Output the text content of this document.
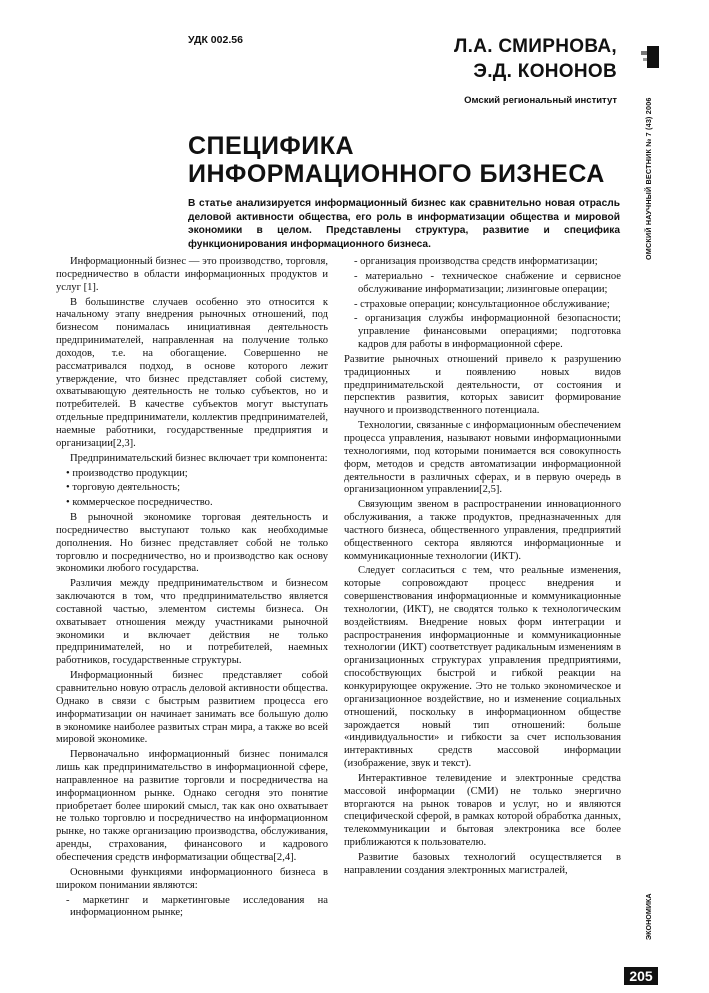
УДК 002.56	Л.А. СМИРНОВА,
Э.Д. КОНОНОВ
Омский региональный институт
СПЕЦИФИКА
ИНФОРМАЦИОННОГО БИЗНЕСА
В статье анализируется информационный бизнес как сравнительно новая отрасль деловой активности общества, его роль в информатизации общества и мировой экономики в целом. Представлены структура, развитие и специфика функционирования информационного бизнеса.

Информационный бизнес — это производство, торговля, посредничество в области информационных продуктов и услуг [1].

В большинстве случаев особенно это относится к начальному этапу внедрения рыночных отношений, под бизнесом понималась инициативная деятельность предпринимателей, направленная на получение только доходов, т.е. на обогащение. Совершенно не рассматривался подход, в основе которого лежит утверждение, что бизнес представляет собой систему, охватывающую деятельность не только субъектов, но и потребителей. В качестве субъектов могут выступать отдельные предприниматели, коллектив предпринимателей, наемные работники, государственные предприятия и организации[2,3].

Предпринимательский бизнес включает три компонента:

• производство продукции;

• торговую деятельность;

• коммерческое посредничество.

В рыночной экономике торговая деятельность и посредничество выступают только как необходимые дополнения. Но бизнес представляет собой не только торговлю и посредничество, но и производство как основу экономики любого государства.

Различия между предпринимательством и бизнесом заключаются в том, что предпринимательство является составной частью, элементом системы бизнеса. Он охватывает отношения между участниками рыночной экономики и включает действия не только предпринимателей, но и потребителей, наемных работников, государственные структуры.

Информационный бизнес представляет собой сравнительно новую отрасль деловой активности общества. Однако в связи с быстрым развитием процесса его информатизации он начинает занимать все большую долю в экономике наиболее развитых стран мира, а также во всей мировой экономике.

Первоначально информационный бизнес понимался лишь как предпринимательство в информационной сфере, направленное на развитие торговли и посредничества на информационном рынке. Однако сегодня это понятие приобретает более широкий смысл, так как оно охватывает не только торговлю и посредничество на информационном рынке, но также организацию производства, обслуживания, аренды, страхования, финансового и кадрового обеспечения средств информатизации общества[2,4].

Основными функциями информационного бизнеса в широком понимании являются:

- маркетинг и маркетинговые исследования на информационном рынке;

- организация производства средств информатизации;

- материально - техническое снабжение и сервисное обслуживание информатизации; лизинговые операции;

- страховые операции; консультационное обслуживание;

- организация службы информационной безопасности; управление финансовыми операциями; подготовка кадров для работы в информационной сфере.

Развитие рыночных отношений привело к разрушению традиционных и появлению новых видов предпринимательской деятельности, от состояния и перспектив развития, которых зависит формирование научного и производственного потенциала.

Технологии, связанные с информационным обеспечением процесса управления, называют новыми информационными технологиями, под которыми понимается вся совокупность форм, методов и средств автоматизации информационной деятельности в различных сферах, и в первую очередь в организационном управлении[2,5].

Связующим звеном в распространении инновационного обслуживания, а также продуктов, предназначенных для частного бизнеса, общественного управления, предприятий общественного сектора являются информационные и коммуникационные технологии (ИКТ).

Следует согласиться с тем, что реальные изменения, которые сопровождают процесс внедрения и совершенствования информационные и коммуникационные технологии, (ИКТ), не сводятся только к технологическим воздействиям. Внедрение новых форм интеграции и распространения информационные и коммуникационные технологии (ИКТ) соответствует радикальным изменениям в организационных структурах управления предприятиями, способствующих быстрой и гибкой реакции на конкурирующее окружение. Это не только экономическое и организационное воздействие, но и изменение социальных отношений, поскольку в информационном обществе зарождается новый тип отношений: больше «индивидуальности» и гибкости за счет использования интерактивных средств массовой информации (изображение, звук и текст).

Интерактивное телевидение и электронные средства массовой информации (СМИ) не только энергично вторгаются на рынок товаров и услуг, но и являются специфической сферой, в рамках которой обработка данных, телекоммуникации и бытовая электроника все более приближаются к пользователю.

Развитие базовых технологий осуществляется в направлении создания электронных магистралей,

ОМСКИЙ НАУЧНЫЙ ВЕСТНИК № 7 (43) 2006
ЭКОНОМИКА
205
